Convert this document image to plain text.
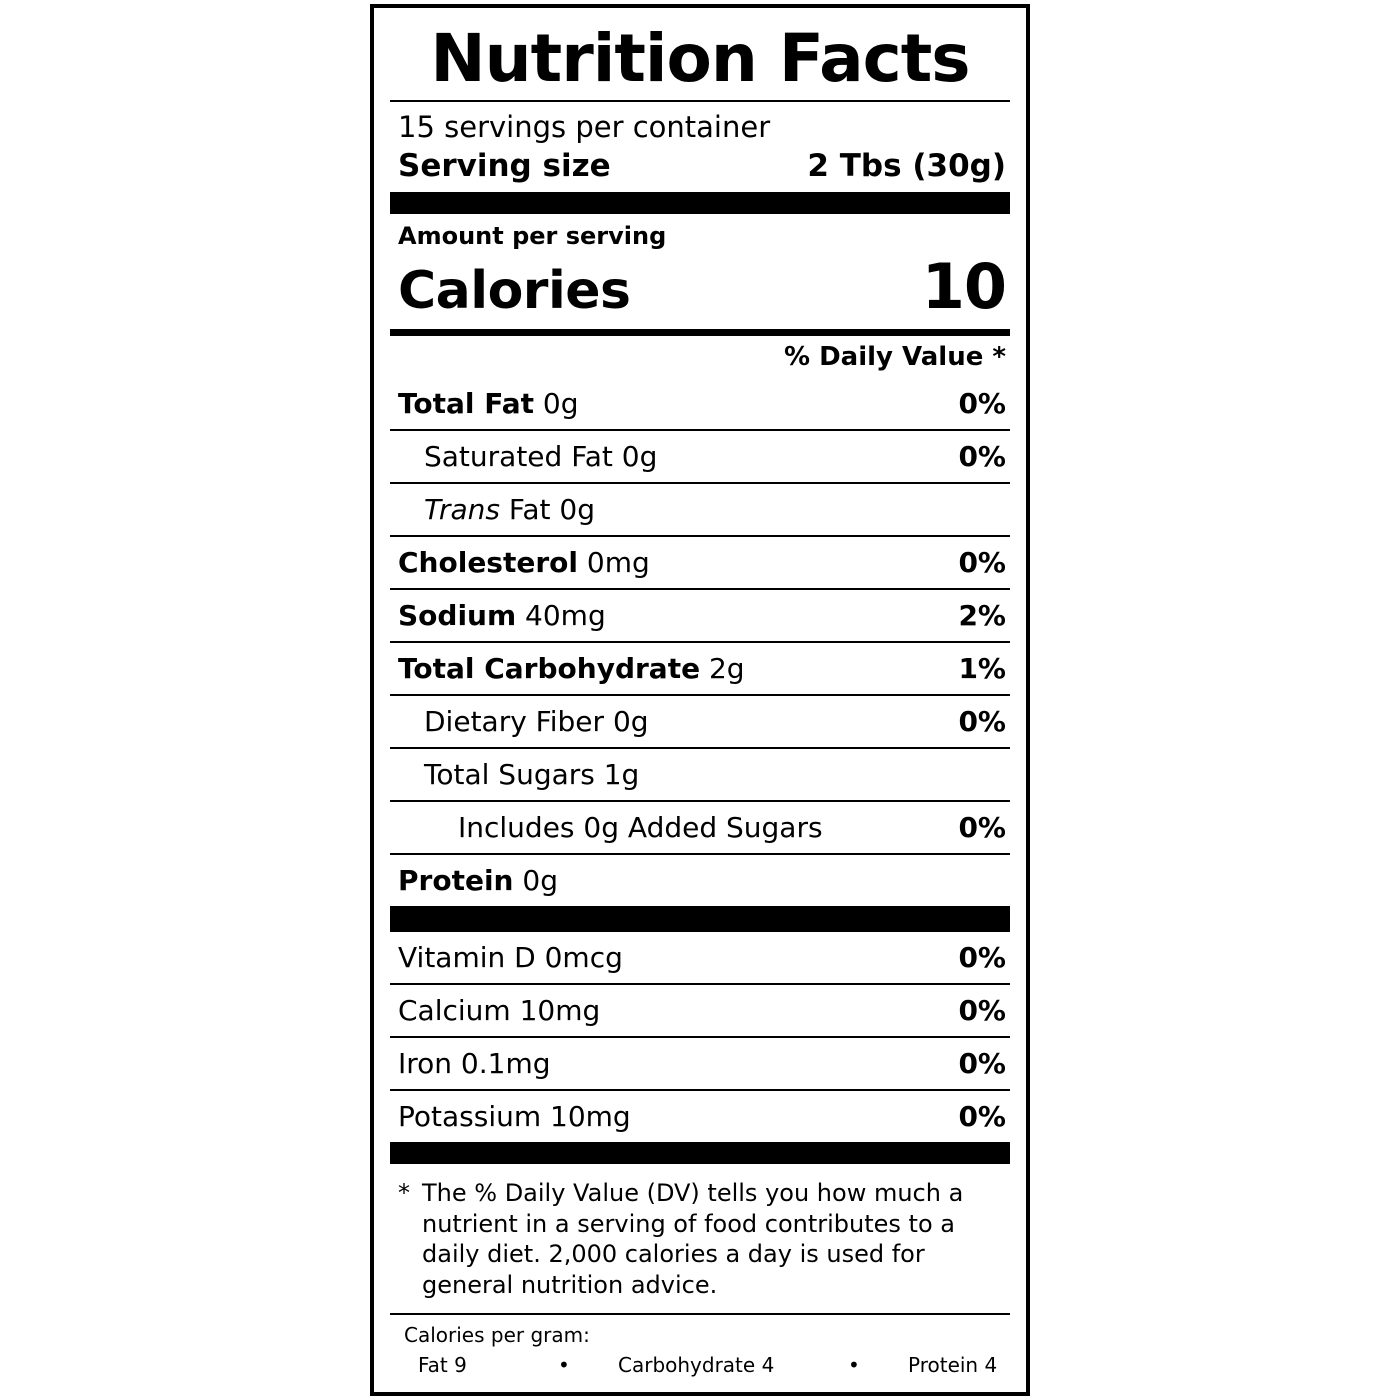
Nutrition Facts
15 servings per container
Serving size	2 Tbs (30g)
Amount per serving
Calories	10
% Daily Value *
Total Fat 0g	0%
Saturated Fat 0g	0%
Trans Fat 0g
Cholesterol 0mg	0%
Sodium 40mg	2%
Total Carbohydrate 2g	1%
Dietary Fiber 0g	0%
Total Sugars 1g
Includes 0g Added Sugars	0%
Protein 0g
Vitamin D 0mcg	0%
Calcium 10mg	0%
Iron 0.1mg	0%
Potassium 10mg	0%
* The % Daily Value (DV) tells you how much a nutrient in a serving of food contributes to a daily diet. 2,000 calories a day is used for general nutrition advice.
Calories per gram:
Fat 9	•	Carbohydrate 4	•	Protein 4
